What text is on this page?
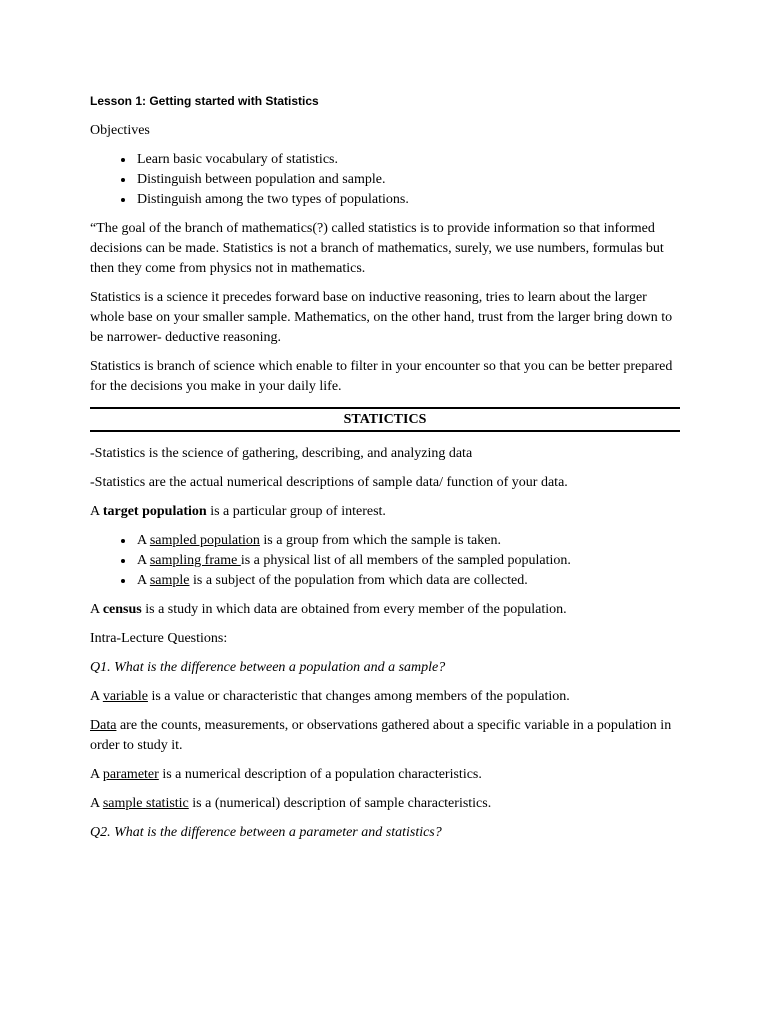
Lesson 1: Getting started with Statistics

Objectives

• Learn basic vocabulary of statistics.
• Distinguish between population and sample.
• Distinguish among the two types of populations.

“The goal of the branch of mathematics(?) called statistics is to provide information so that informed decisions can be made. Statistics is not a branch of mathematics, surely, we use numbers, formulas but then they come from physics not in mathematics.

Statistics is a science it precedes forward base on inductive reasoning, tries to learn about the larger whole base on your smaller sample. Mathematics, on the other hand, trust from the larger bring down to be narrower- deductive reasoning.

Statistics is branch of science which enable to filter in your encounter so that you can be better prepared for the decisions you make in your daily life.

STATICTICS

-Statistics is the science of gathering, describing, and analyzing data

-Statistics are the actual numerical descriptions of sample data/ function of your data.

A target population is a particular group of interest.

• A sampled population is a group from which the sample is taken.
• A sampling frame is a physical list of all members of the sampled population.
• A sample is a subject of the population from which data are collected.

A census is a study in which data are obtained from every member of the population.

Intra-Lecture Questions:

Q1. What is the difference between a population and a sample?

A variable is a value or characteristic that changes among members of the population.

Data are the counts, measurements, or observations gathered about a specific variable in a population in order to study it.

A parameter is a numerical description of a population characteristics.

A sample statistic is a (numerical) description of sample characteristics.

Q2. What is the difference between a parameter and statistics?
